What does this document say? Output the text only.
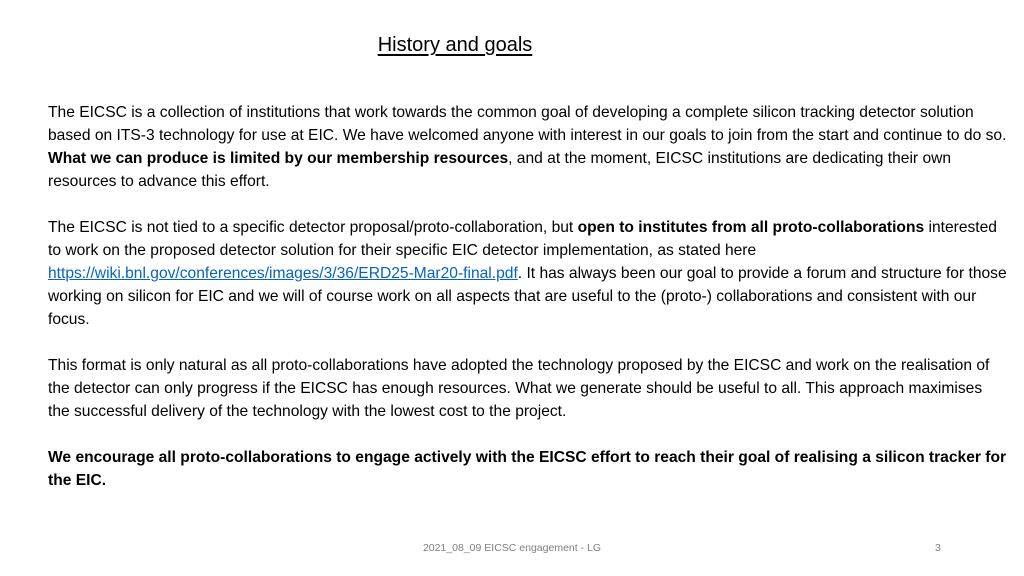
History and goals

The EICSC is a collection of institutions that work towards the common goal of developing a complete silicon tracking detector solution based on ITS-3 technology for use at EIC. We have welcomed anyone with interest in our goals to join from the start and continue to do so. What we can produce is limited by our membership resources, and at the moment, EICSC institutions are dedicating their own resources to advance this effort.

The EICSC is not tied to a specific detector proposal/proto-collaboration, but open to institutes from all proto-collaborations interested to work on the proposed detector solution for their specific EIC detector implementation, as stated here https://wiki.bnl.gov/conferences/images/3/36/ERD25-Mar20-final.pdf. It has always been our goal to provide a forum and structure for those working on silicon for EIC and we will of course work on all aspects that are useful to the (proto-) collaborations and consistent with our focus.

This format is only natural as all proto-collaborations have adopted the technology proposed by the EICSC and work on the realisation of the detector can only progress if the EICSC has enough resources. What we generate should be useful to all. This approach maximises the successful delivery of the technology with the lowest cost to the project.

We encourage all proto-collaborations to engage actively with the EICSC effort to reach their goal of realising a silicon tracker for the EIC.

2021_08_09 EICSC engagement - LG	3
